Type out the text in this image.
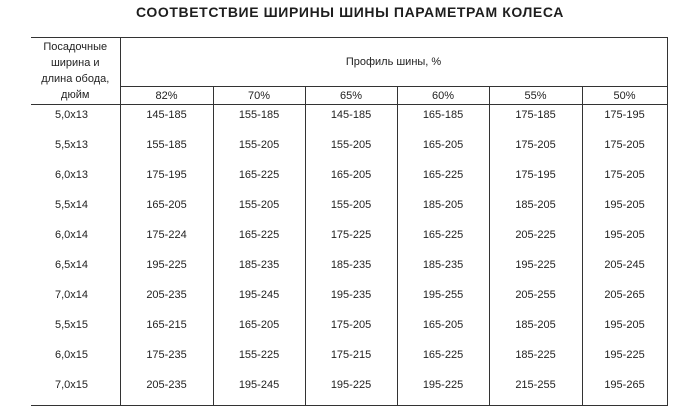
СООТВЕТСТВИЕ ШИРИНЫ ШИНЫ ПАРАМЕТРАМ КОЛЕСА
Посадочные
ширина и
длина обода,
дюйм	Профиль шины, %					
	82%	70%	65%	60%	55%	50%
5,0x13	145-185	155-185	145-185	165-185	175-185	175-195
5,5x13	155-185	155-205	155-205	165-205	175-205	175-205
6,0x13	175-195	165-225	165-205	165-225	175-195	175-205
5,5x14	165-205	155-205	155-205	185-205	185-205	195-205
6,0x14	175-224	165-225	175-225	165-225	205-225	195-205
6,5x14	195-225	185-235	185-235	185-235	195-225	205-245
7,0x14	205-235	195-245	195-235	195-255	205-255	205-265
5,5x15	165-215	165-205	175-205	165-205	185-205	195-205
6,0x15	175-235	155-225	175-215	165-225	185-225	195-225
7,0x15	205-235	195-245	195-225	195-225	215-255	195-265
